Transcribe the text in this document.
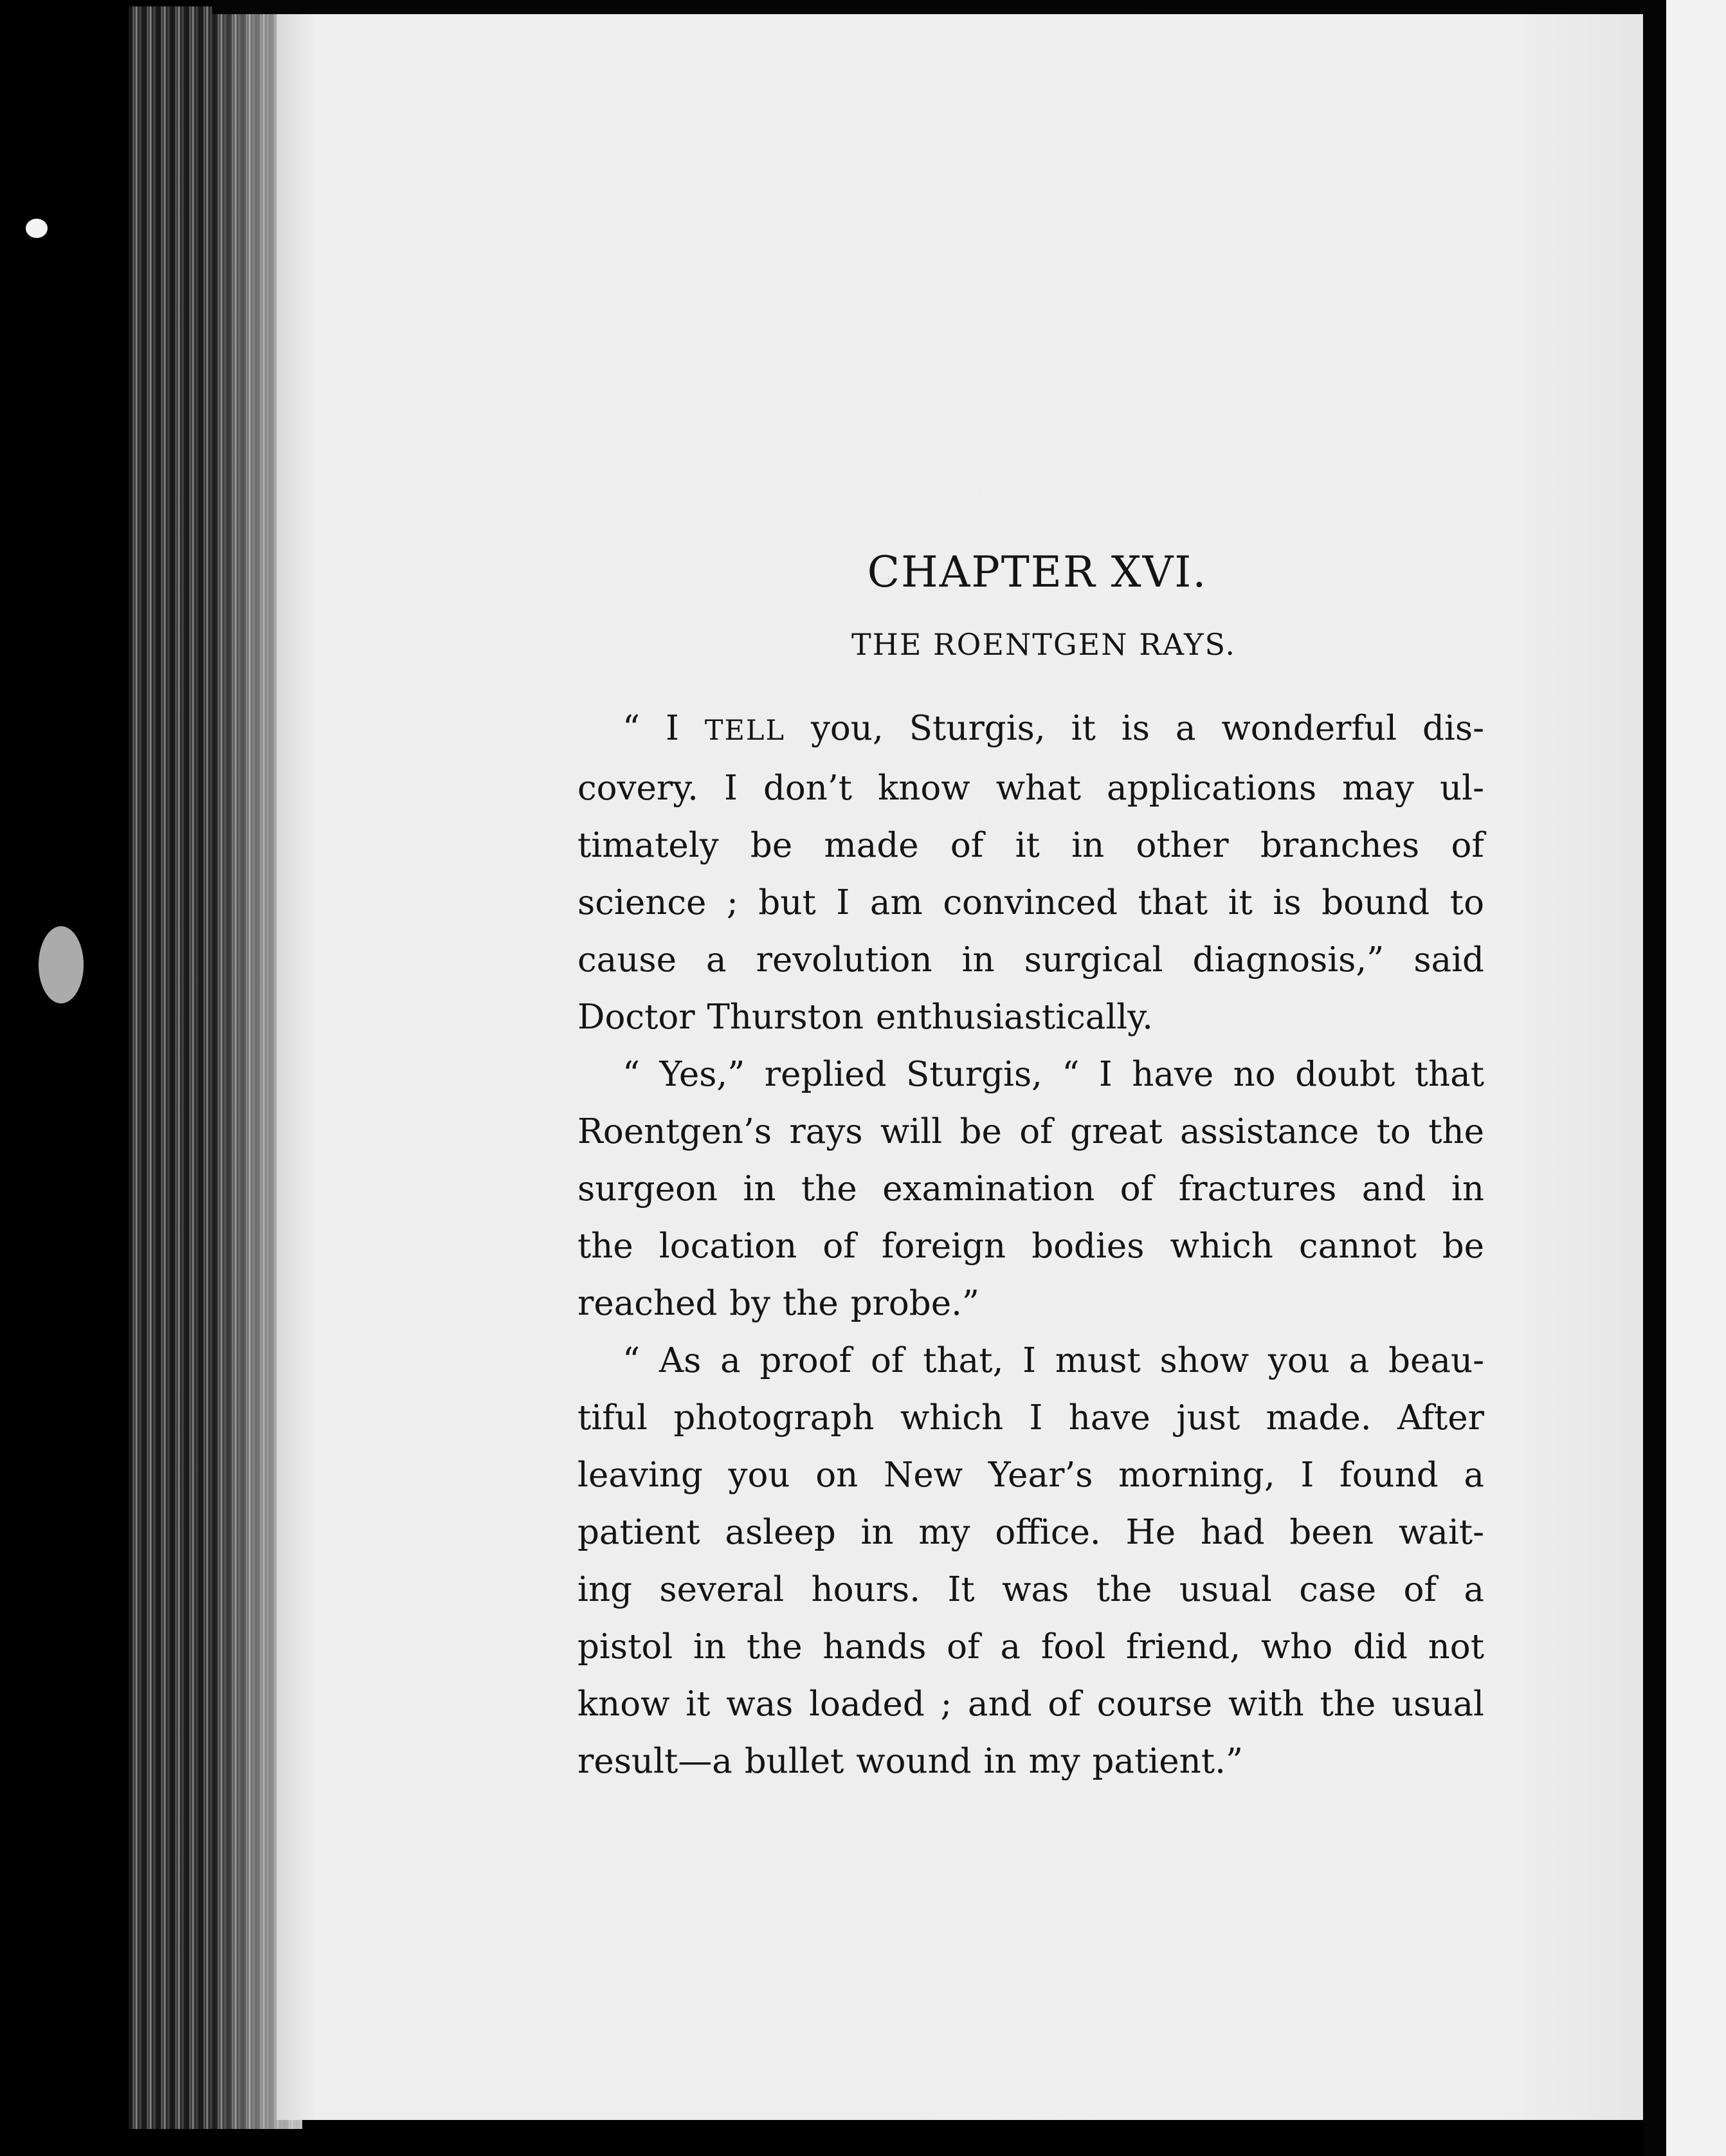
CHAPTER XVI.
THE ROENTGEN RAYS.

“ I TELL you, Sturgis, it is a wonderful dis-
covery. I don’t know what applications may ul-
timately be made of it in other branches of
science ; but I am convinced that it is bound to
cause a revolution in surgical diagnosis,” said
Doctor Thurston enthusiastically.

“ Yes,” replied Sturgis, “ I have no doubt that
Roentgen’s rays will be of great assistance to the
surgeon in the examination of fractures and in
the location of foreign bodies which cannot be
reached by the probe.”

“ As a proof of that, I must show you a beau-
tiful photograph which I have just made. After
leaving you on New Year’s morning, I found a
patient asleep in my office. He had been wait-
ing several hours. It was the usual case of a
pistol in the hands of a fool friend, who did not
know it was loaded ; and of course with the usual
result—a bullet wound in my patient.”
